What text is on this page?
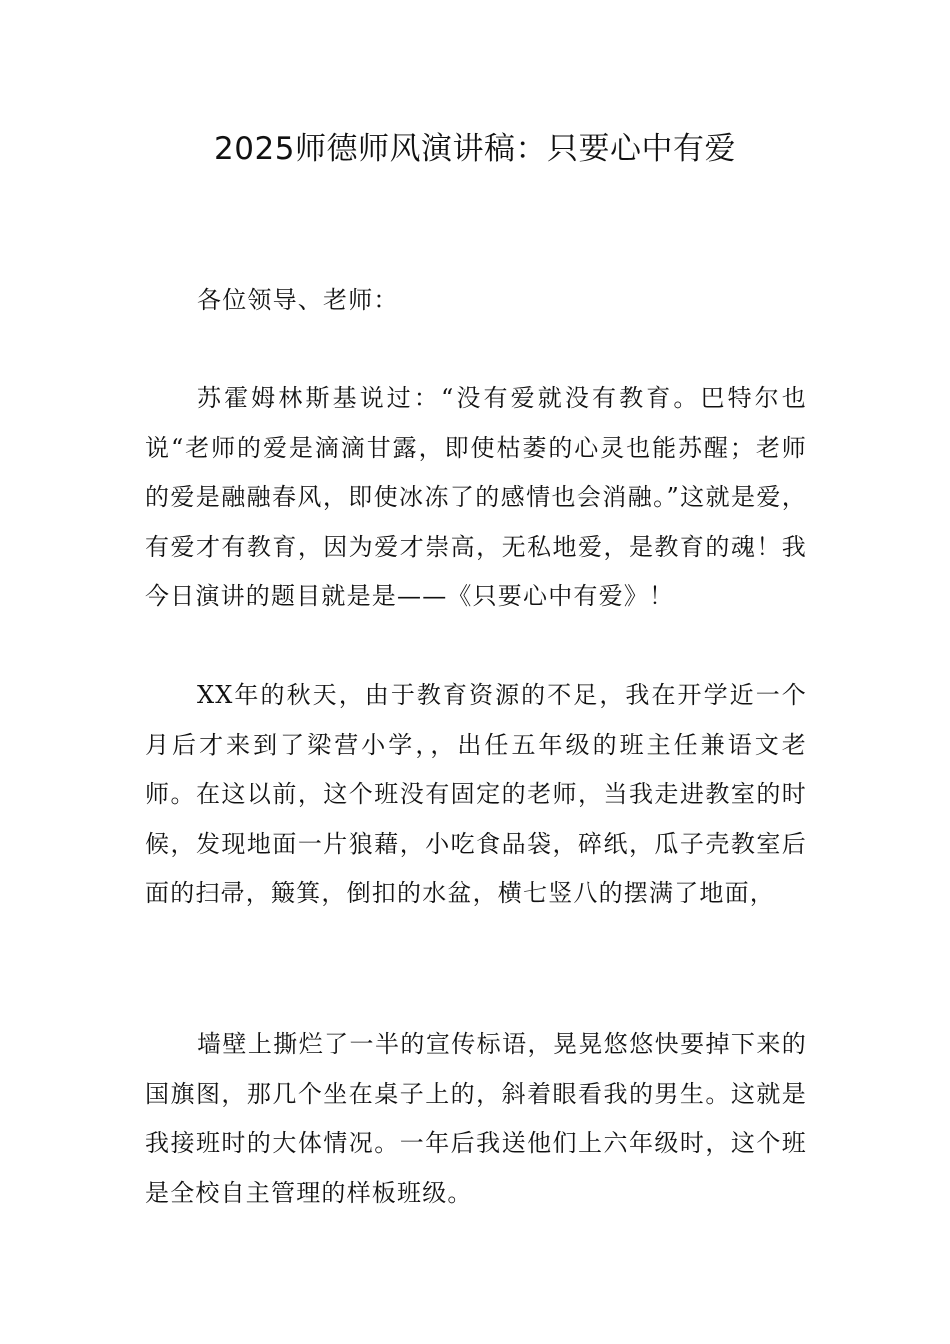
2025师德师风演讲稿：只要心中有爱

各位领导、老师：

苏霍姆林斯基说过：“没有爱就没有教育。巴特尔也说“老师的爱是滴滴甘露，即使枯萎的心灵也能苏醒；老师的爱是融融春风，即使冰冻了的感情也会消融。”这就是爱，有爱才有教育，因为爱才崇高，无私地爱，是教育的魂！我今日演讲的题目就是是——《只要心中有爱》！

XX年的秋天，由于教育资源的不足，我在开学近一个月后才来到了梁营小学，，出任五年级的班主任兼语文老师。在这以前，这个班没有固定的老师，当我走进教室的时候，发现地面一片狼藉，小吃食品袋，碎纸，瓜子壳教室后面的扫帚，簸箕，倒扣的水盆，横七竖八的摆满了地面，

墙壁上撕烂了一半的宣传标语，晃晃悠悠快要掉下来的国旗图，那几个坐在桌子上的，斜着眼看我的男生。这就是我接班时的大体情况。一年后我送他们上六年级时，这个班是全校自主管理的样板班级。
